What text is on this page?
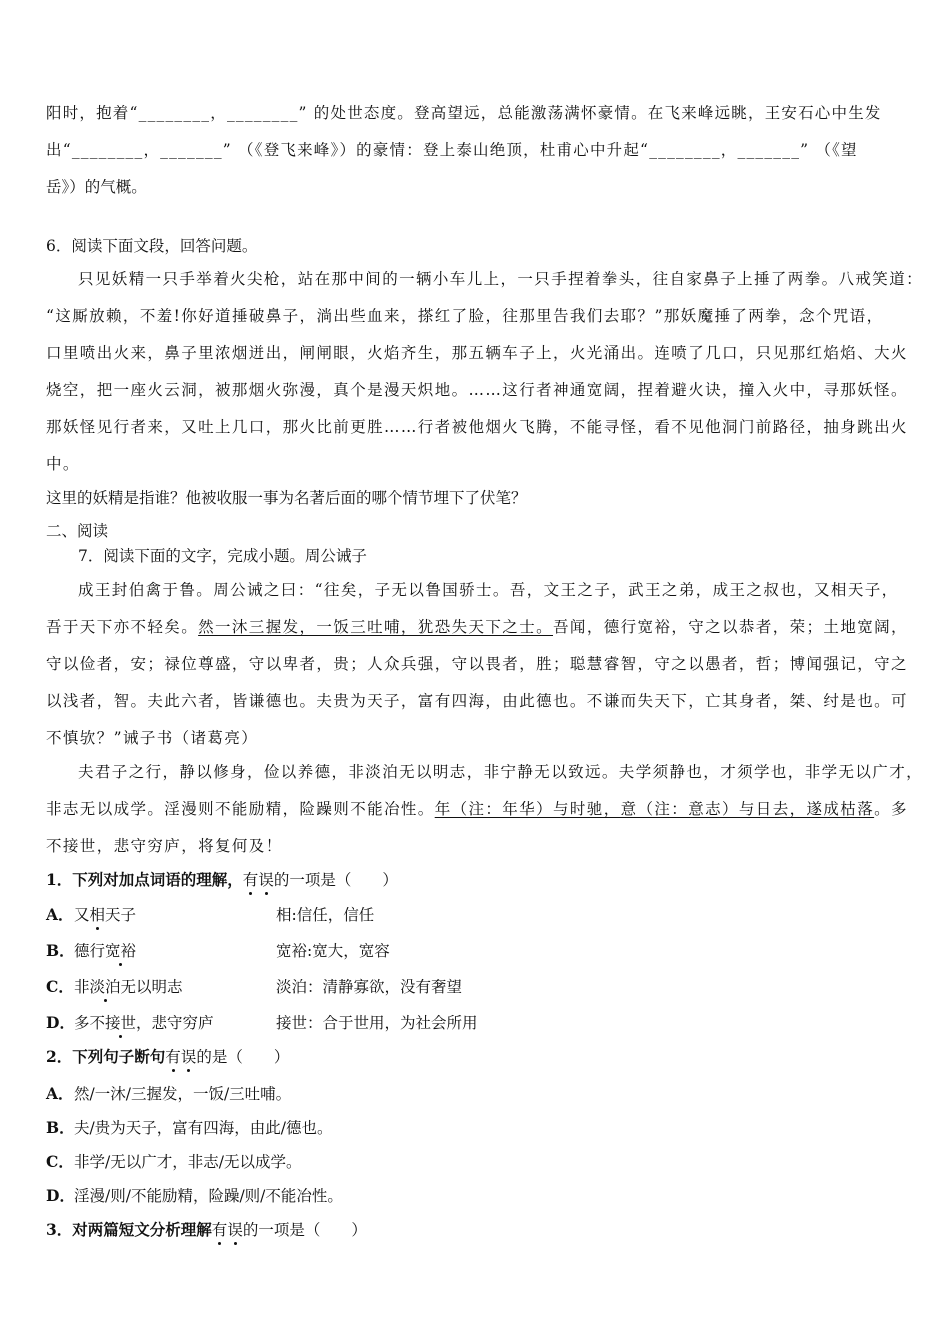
阳时，抱着“________，________” 的处世态度。登高望远，总能激荡满怀豪情。在飞来峰远眺，王安石心中生发
出“________，_______” （《登飞来峰》）的豪情：登上泰山绝顶，杜甫心中升起“________，_______” （《望
岳》）的气概。
6．阅读下面文段，回答问题。
只见妖精一只手举着火尖枪，站在那中间的一辆小车儿上，一只手捏着拳头，往自家鼻子上捶了两拳。八戒笑道：
“这厮放赖，不羞!你好道捶破鼻子，淌出些血来，搽红了脸，往那里告我们去耶？”那妖魔捶了两拳，念个咒语，
口里喷出火来，鼻子里浓烟迸出，闸闸眼，火焰齐生，那五辆车子上，火光涌出。连喷了几口，只见那红焰焰、大火
烧空，把一座火云洞，被那烟火弥漫，真个是漫天炽地。……这行者神通宽阔，捏着避火诀，撞入火中，寻那妖怪。
那妖怪见行者来，又吐上几口，那火比前更胜……行者被他烟火飞腾，不能寻怪，看不见他洞门前路径，抽身跳出火
中。
这里的妖精是指谁？他被收服一事为名著后面的哪个情节埋下了伏笔？
二、阅读
7．阅读下面的文字，完成小题。周公诫子
成王封伯禽于鲁。周公诫之曰：“往矣，子无以鲁国骄士。吾，文王之子，武王之弟，成王之叔也，又相天子，
吾于天下亦不轻矣。然一沐三握发，一饭三吐哺，犹恐失天下之士。吾闻，德行宽裕，守之以恭者，荣；土地宽阔，
守以俭者，安；禄位尊盛，守以卑者，贵；人众兵强，守以畏者，胜；聪慧睿智，守之以愚者，哲；博闻强记，守之
以浅者，智。夫此六者，皆谦德也。夫贵为天子，富有四海，由此德也。不谦而失天下，亡其身者，桀、纣是也。可
不慎欤？”诫子书（诸葛亮）
夫君子之行，静以修身，俭以养德，非淡泊无以明志，非宁静无以致远。夫学须静也，才须学也，非学无以广才，
非志无以成学。淫漫则不能励精，险躁则不能冶性。年（注：年华）与时驰，意（注：意志）与日去，遂成枯落。多
不接世，悲守穷庐，将复何及！
1．下列对加点词语的理解，有误的一项是（　　）
A．又相天子	相:信任，信任
B．德行宽裕	宽裕:宽大，宽容
C．非淡泊无以明志	淡泊：清静寡欲，没有奢望
D．多不接世，悲守穷庐	接世：合于世用，为社会所用
2．下列句子断句有误的是（　　）
A．然/一沐/三握发，一饭/三吐哺。
B．夫/贵为天子，富有四海，由此/德也。
C．非学/无以广才，非志/无以成学。
D．淫漫/则/不能励精，险躁/则/不能冶性。
3．对两篇短文分析理解有误的一项是（　　）
